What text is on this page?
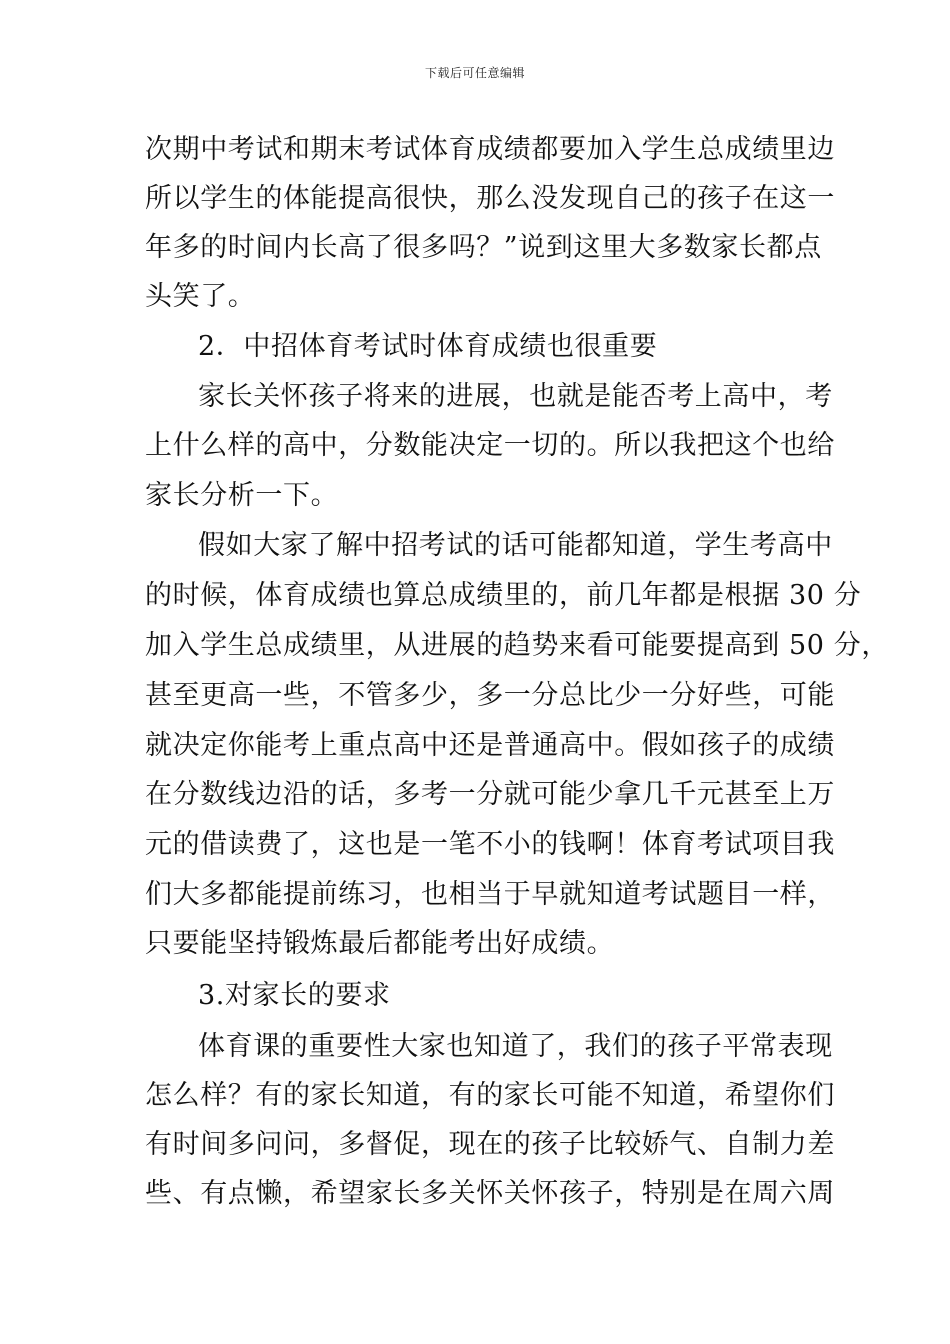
下载后可任意编辑
次期中考试和期末考试体育成绩都要加入学生总成绩里边
所以学生的体能提高很快，那么没发现自己的孩子在这一
年多的时间内长高了很多吗？”说到这里大多数家长都点
头笑了。
2．中招体育考试时体育成绩也很重要
家长关怀孩子将来的进展，也就是能否考上高中，考
上什么样的高中，分数能决定一切的。所以我把这个也给
家长分析一下。
假如大家了解中招考试的话可能都知道，学生考高中
的时候，体育成绩也算总成绩里的，前几年都是根据 30 分
加入学生总成绩里，从进展的趋势来看可能要提高到 50 分，
甚至更高一些，不管多少，多一分总比少一分好些，可能
就决定你能考上重点高中还是普通高中。假如孩子的成绩
在分数线边沿的话，多考一分就可能少拿几千元甚至上万
元的借读费了，这也是一笔不小的钱啊！体育考试项目我
们大多都能提前练习，也相当于早就知道考试题目一样，
只要能坚持锻炼最后都能考出好成绩。
3.对家长的要求
体育课的重要性大家也知道了，我们的孩子平常表现
怎么样？有的家长知道，有的家长可能不知道，希望你们
有时间多问问，多督促，现在的孩子比较娇气、自制力差
些、有点懒，希望家长多关怀关怀孩子，特别是在周六周
